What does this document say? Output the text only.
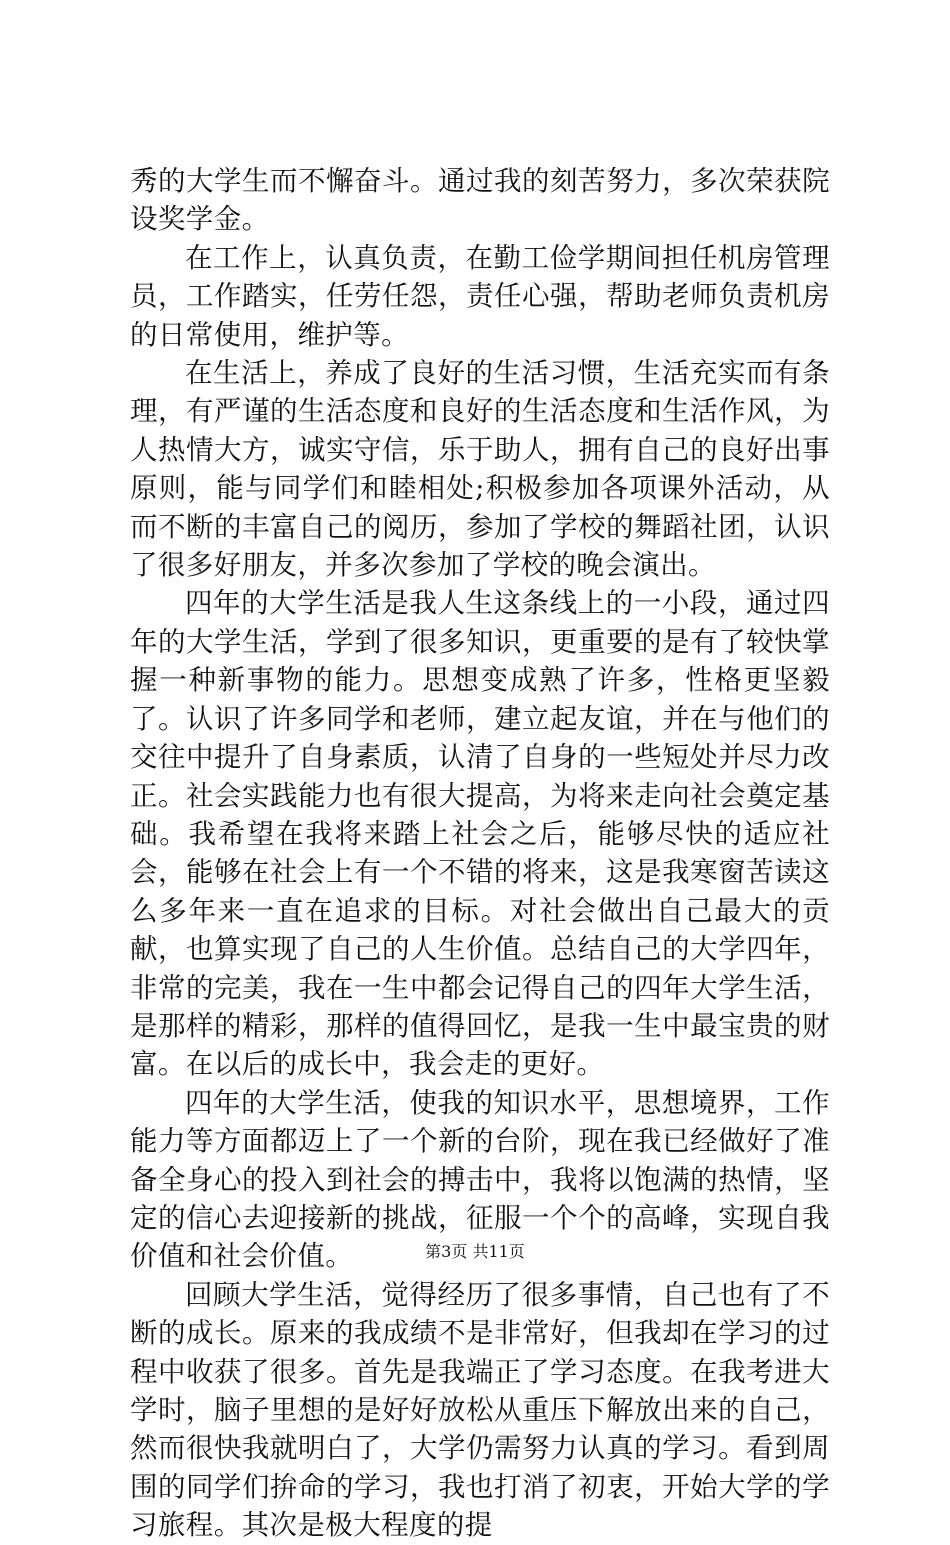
秀的大学生而不懈奋斗。通过我的刻苦努力，多次荣获院设奖学金。

在工作上，认真负责，在勤工俭学期间担任机房管理员，工作踏实，任劳任怨，责任心强，帮助老师负责机房的日常使用，维护等。

在生活上，养成了良好的生活习惯，生活充实而有条理，有严谨的生活态度和良好的生活态度和生活作风，为人热情大方，诚实守信，乐于助人，拥有自己的良好出事原则，能与同学们和睦相处;积极参加各项课外活动，从而不断的丰富自己的阅历，参加了学校的舞蹈社团，认识了很多好朋友，并多次参加了学校的晚会演出。

四年的大学生活是我人生这条线上的一小段，通过四年的大学生活，学到了很多知识，更重要的是有了较快掌握一种新事物的能力。思想变成熟了许多，性格更坚毅了。认识了许多同学和老师，建立起友谊，并在与他们的交往中提升了自身素质，认清了自身的一些短处并尽力改正。社会实践能力也有很大提高，为将来走向社会奠定基础。我希望在我将来踏上社会之后，能够尽快的适应社会，能够在社会上有一个不错的将来，这是我寒窗苦读这么多年来一直在追求的目标。对社会做出自己最大的贡献，也算实现了自己的人生价值。总结自己的大学四年，非常的完美，我在一生中都会记得自己的四年大学生活，是那样的精彩，那样的值得回忆，是我一生中最宝贵的财富。在以后的成长中，我会走的更好。

四年的大学生活，使我的知识水平，思想境界，工作能力等方面都迈上了一个新的台阶，现在我已经做好了准备全身心的投入到社会的搏击中，我将以饱满的热情，坚定的信心去迎接新的挑战，征服一个个的高峰，实现自我价值和社会价值。

回顾大学生活，觉得经历了很多事情，自己也有了不断的成长。原来的我成绩不是非常好，但我却在学习的过程中收获了很多。首先是我端正了学习态度。在我考进大学时，脑子里想的是好好放松从重压下解放出来的自己，然而很快我就明白了，大学仍需努力认真的学习。看到周围的同学们拚命的学习，我也打消了初衷，开始大学的学习旅程。其次是极大程度的提

第3页 共11页
